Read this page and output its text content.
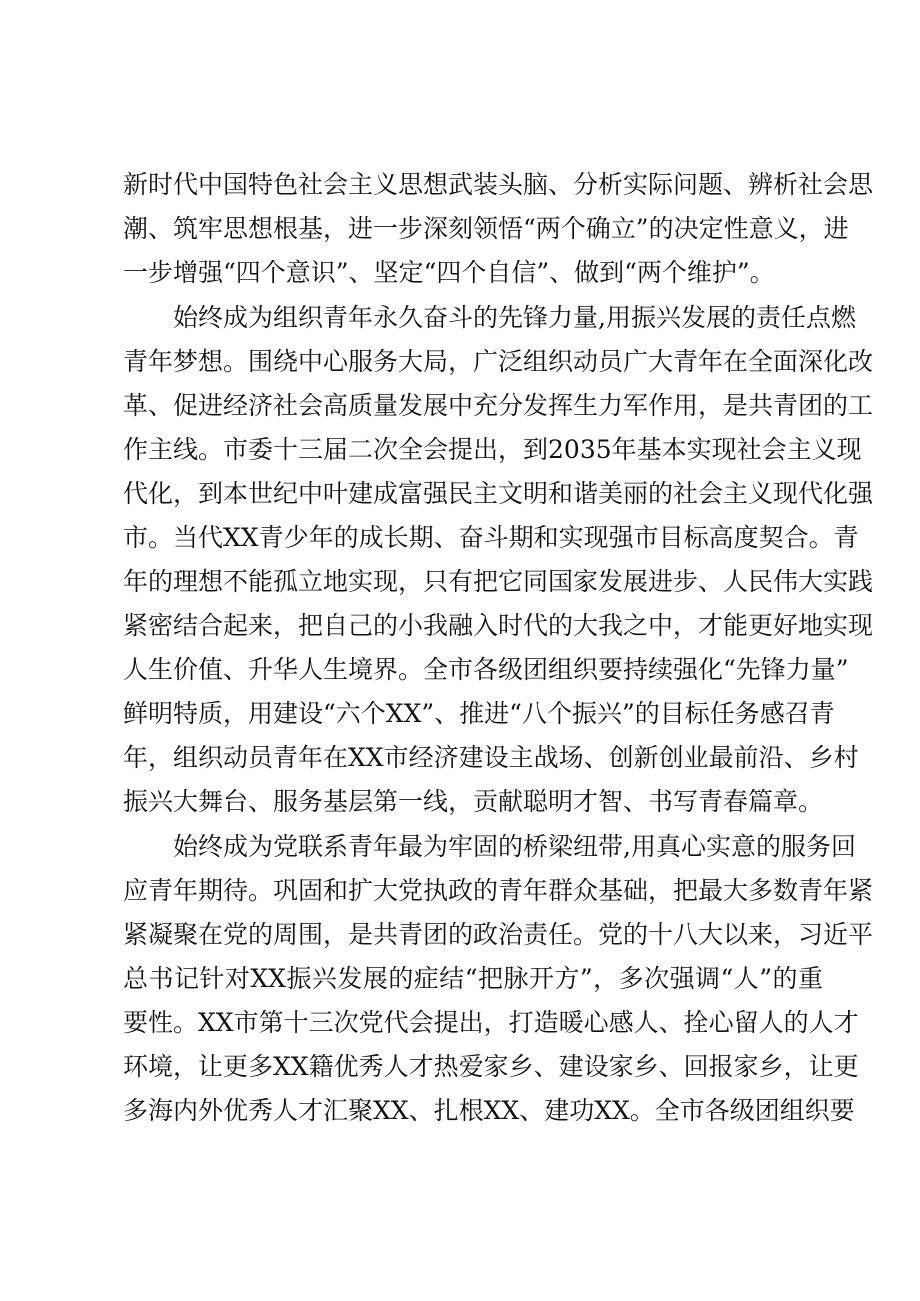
新时代中国特色社会主义思想武装头脑、分析实际问题、辨析社会思
潮、筑牢思想根基，进一步深刻领悟“两个确立”的决定性意义，进
一步增强“四个意识”、坚定“四个自信”、做到“两个维护”。
始终成为组织青年永久奋斗的先锋力量,用振兴发展的责任点燃
青年梦想。围绕中心服务大局，广泛组织动员广大青年在全面深化改
革、促进经济社会高质量发展中充分发挥生力军作用，是共青团的工
作主线。市委十三届二次全会提出，到2035年基本实现社会主义现
代化，到本世纪中叶建成富强民主文明和谐美丽的社会主义现代化强
市。当代XX青少年的成长期、奋斗期和实现强市目标高度契合。青
年的理想不能孤立地实现，只有把它同国家发展进步、人民伟大实践
紧密结合起来，把自己的小我融入时代的大我之中，才能更好地实现
人生价值、升华人生境界。全市各级团组织要持续强化“先锋力量”
鲜明特质，用建设“六个XX”、推进“八个振兴”的目标任务感召青
年，组织动员青年在XX市经济建设主战场、创新创业最前沿、乡村
振兴大舞台、服务基层第一线，贡献聪明才智、书写青春篇章。
始终成为党联系青年最为牢固的桥梁纽带,用真心实意的服务回
应青年期待。巩固和扩大党执政的青年群众基础，把最大多数青年紧
紧凝聚在党的周围，是共青团的政治责任。党的十八大以来，习近平
总书记针对XX振兴发展的症结“把脉开方”，多次强调“人”的重
要性。XX市第十三次党代会提出，打造暖心感人、拴心留人的人才
环境，让更多XX籍优秀人才热爱家乡、建设家乡、回报家乡，让更
多海内外优秀人才汇聚XX、扎根XX、建功XX。全市各级团组织要
